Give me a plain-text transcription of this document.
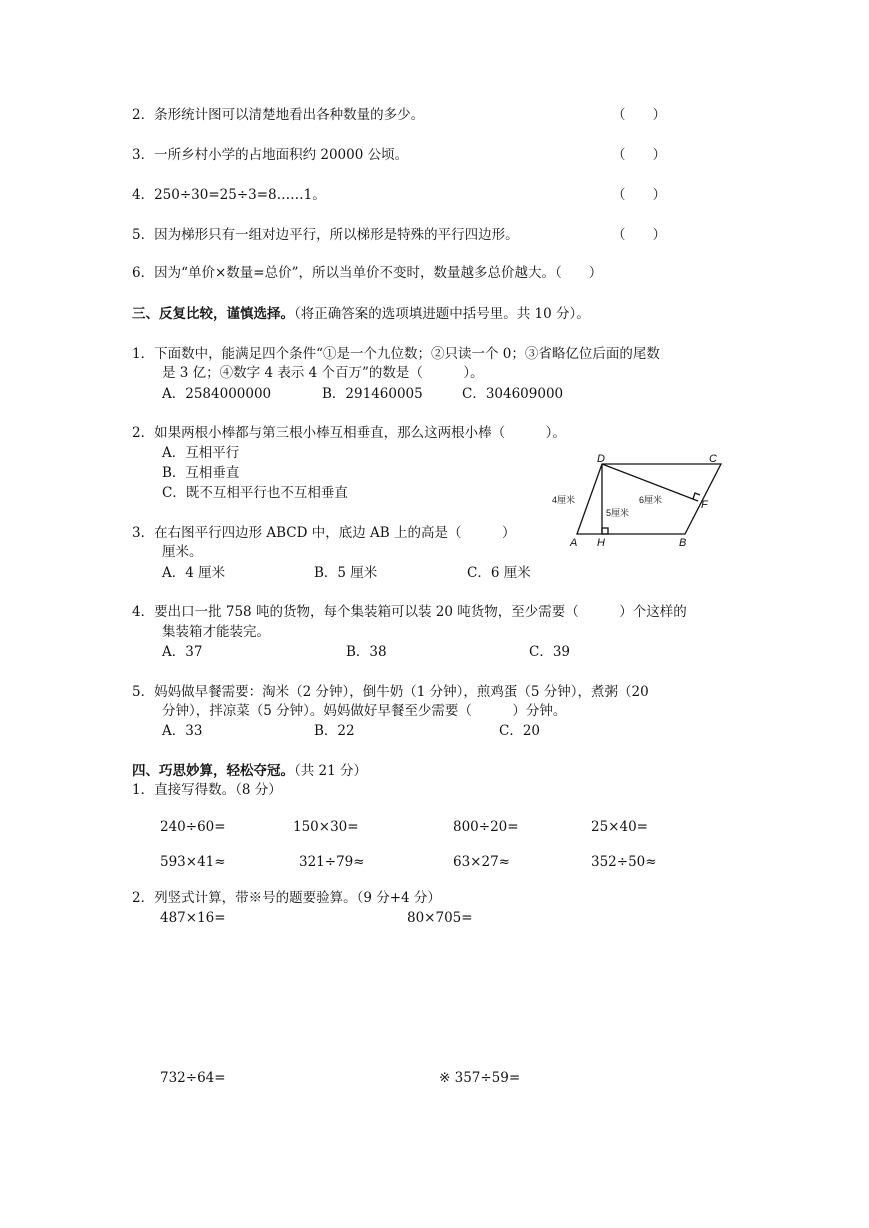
2．条形统计图可以清楚地看出各种数量的多少。	（　　）
3．一所乡村小学的占地面积约 20000 公顷。	（　　）
4．250÷30=25÷3=8……1。	（　　）
5．因为梯形只有一组对边平行，所以梯形是特殊的平行四边形。	（　　）
6．因为“单价×数量=总价”，所以当单价不变时，数量越多总价越大。（　　）
三、反复比较，谨慎选择。（将正确答案的选项填进题中括号里。共 10 分）。
1．下面数中，能满足四个条件“①是一个九位数；②只读一个 0；③省略亿位后面的尾数
是 3 亿；④数字 4 表示 4 个百万”的数是（　　　）。
A．2584000000	B．291460005	C．304609000
2．如果两根小棒都与第三根小棒互相垂直，那么这两根小棒（　　　）。
A．互相平行
B．互相垂直
C．既不互相平行也不互相垂直
3．在右图平行四边形 ABCD 中，底边 AB 上的高是（　　　）
厘米。
A．4 厘米	B．5 厘米	C．6 厘米
D	C
A H	B
F
4厘米
5厘米
6厘米
4．要出口一批 758 吨的货物，每个集装箱可以装 20 吨货物，至少需要（　　　）个这样的
集装箱才能装完。
A．37	B．38	C．39
5．妈妈做早餐需要：淘米（2 分钟），倒牛奶（1 分钟），煎鸡蛋（5 分钟），煮粥（20
分钟），拌凉菜（5 分钟）。妈妈做好早餐至少需要（　　　）分钟。
A．33	B．22	C．20
四、巧思妙算，轻松夺冠。（共 21 分）
1．直接写得数。（8 分）
240÷60=	150×30=	800÷20=	25×40=
593×41≈	321÷79≈	63×27≈	352÷50≈
2．列竖式计算，带※号的题要验算。（9 分+4 分）
487×16=	80×705=
732÷64=	※ 357÷59=
